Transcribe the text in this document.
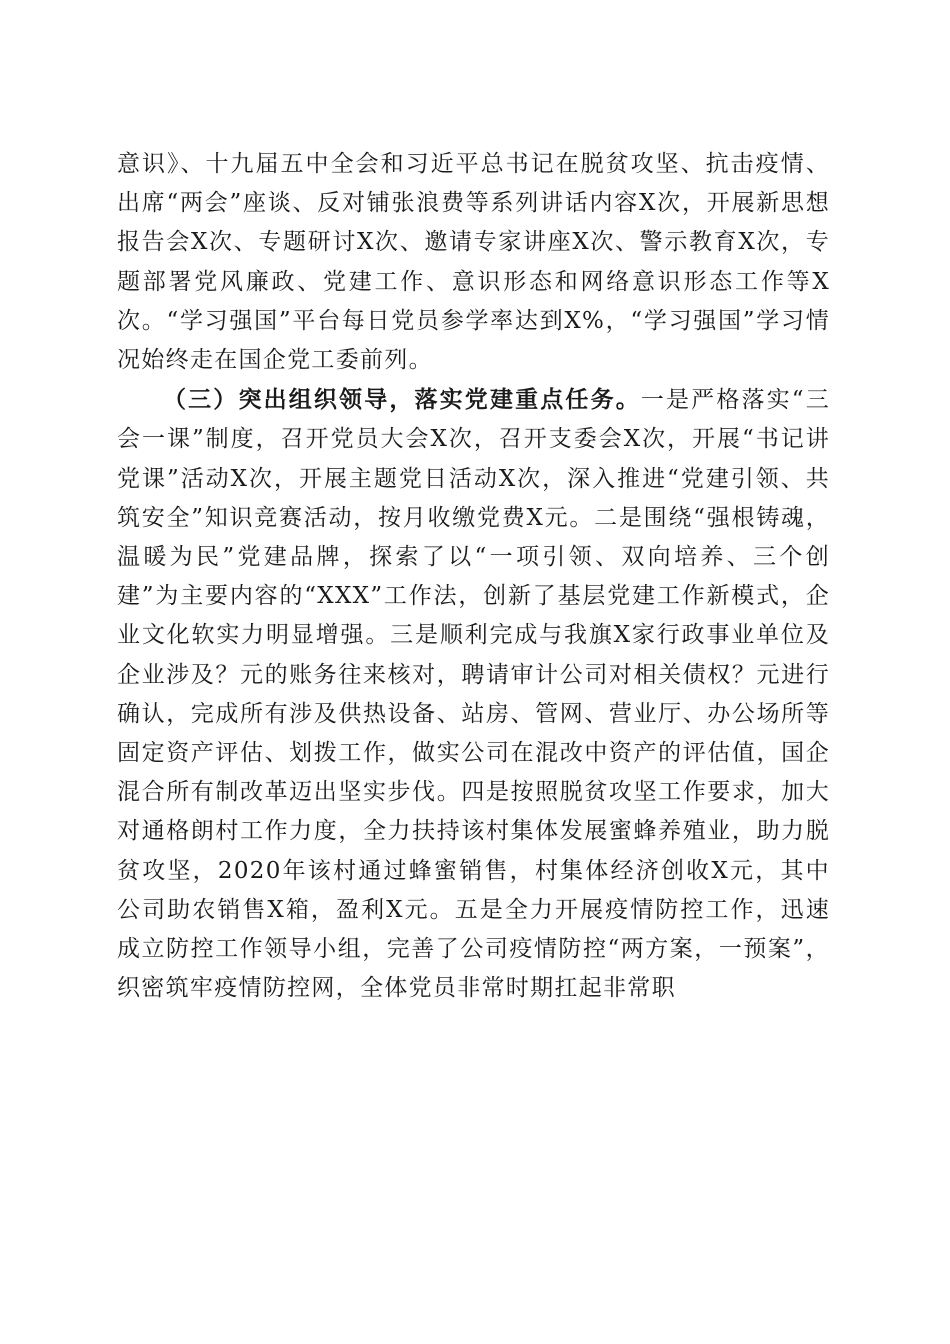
意识》、十九届五中全会和习近平总书记在脱贫攻坚、抗击疫情、出席“两会”座谈、反对铺张浪费等系列讲话内容X次，开展新思想报告会X次、专题研讨X次、邀请专家讲座X次、警示教育X次，专题部署党风廉政、党建工作、意识形态和网络意识形态工作等X次。“学习强国”平台每日党员参学率达到X%，“学习强国”学习情况始终走在国企党工委前列。

（三）突出组织领导，落实党建重点任务。一是严格落实“三会一课”制度，召开党员大会X次，召开支委会X次，开展“书记讲党课”活动X次，开展主题党日活动X次，深入推进“党建引领、共筑安全”知识竞赛活动，按月收缴党费X元。二是围绕“强根铸魂，温暖为民”党建品牌，探索了以“一项引领、双向培养、三个创建”为主要内容的“XXX”工作法，创新了基层党建工作新模式，企业文化软实力明显增强。三是顺利完成与我旗X家行政事业单位及企业涉及？元的账务往来核对，聘请审计公司对相关债权？元进行确认，完成所有涉及供热设备、站房、管网、营业厅、办公场所等固定资产评估、划拨工作，做实公司在混改中资产的评估值，国企混合所有制改革迈出坚实步伐。四是按照脱贫攻坚工作要求，加大对通格朗村工作力度，全力扶持该村集体发展蜜蜂养殖业，助力脱贫攻坚，2020年该村通过蜂蜜销售，村集体经济创收X元，其中公司助农销售X箱，盈利X元。五是全力开展疫情防控工作，迅速成立防控工作领导小组，完善了公司疫情防控“两方案，一预案”，织密筑牢疫情防控网，全体党员非常时期扛起非常职
